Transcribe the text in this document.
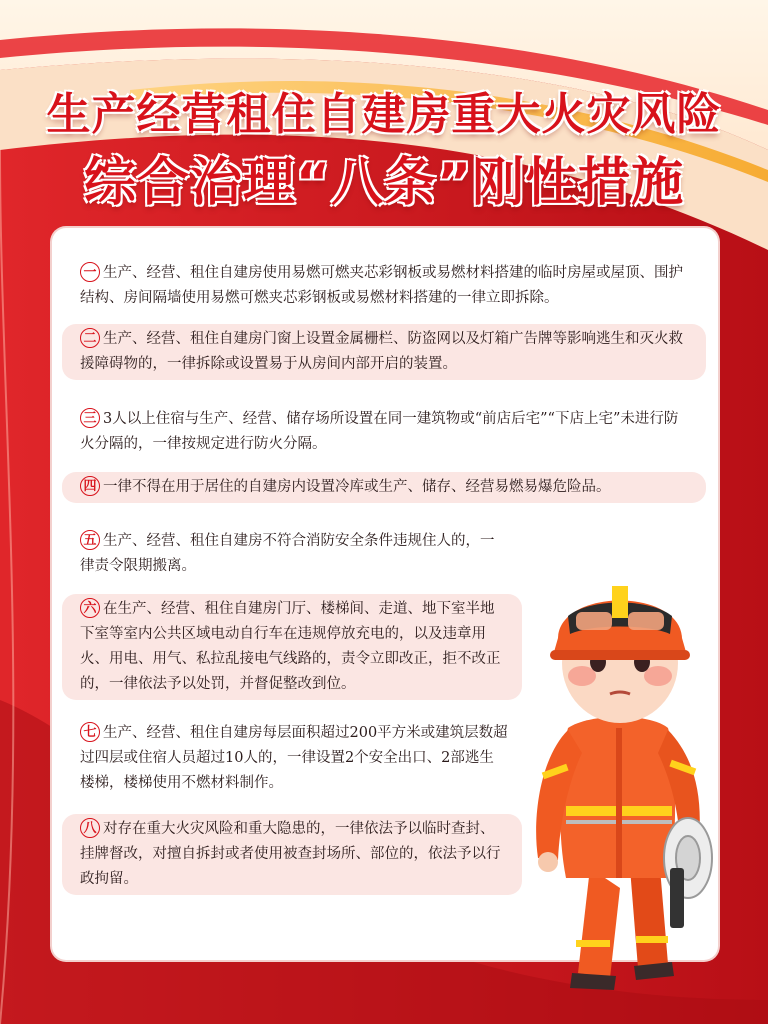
生产经营租住自建房重大火灾风险
综合治理“八条”刚性措施
一 生产、经营、租住自建房使用易燃可燃夹芯彩钢板或易燃材料搭建的临时房屋或屋顶、围护结构、房间隔墙使用易燃可燃夹芯彩钢板或易燃材料搭建的一律立即拆除。
二 生产、经营、租住自建房门窗上设置金属栅栏、防盗网以及灯箱广告牌等影响逃生和灭火救援障碍物的，一律拆除或设置易于从房间内部开启的装置。
三 3人以上住宿与生产、经营、储存场所设置在同一建筑物或“前店后宅”“下店上宅”未进行防火分隔的，一律按规定进行防火分隔。
四 一律不得在用于居住的自建房内设置冷库或生产、储存、经营易燃易爆危险品。
五 生产、经营、租住自建房不符合消防安全条件违规住人的，一律责令限期搬离。
六 在生产、经营、租住自建房门厅、楼梯间、走道、地下室半地下室等室内公共区域电动自行车在违规停放充电的，以及违章用火、用电、用气、私拉乱接电气线路的，责令立即改正，拒不改正的，一律依法予以处罚，并督促整改到位。
七 生产、经营、租住自建房每层面积超过200平方米或建筑层数超过四层或住宿人员超过10人的，一律设置2个安全出口、2部逃生楼梯，楼梯使用不燃材料制作。
八 对存在重大火灾风险和重大隐患的，一律依法予以临时查封、挂牌督改，对擅自拆封或者使用被查封场所、部位的，依法予以行政拘留。
